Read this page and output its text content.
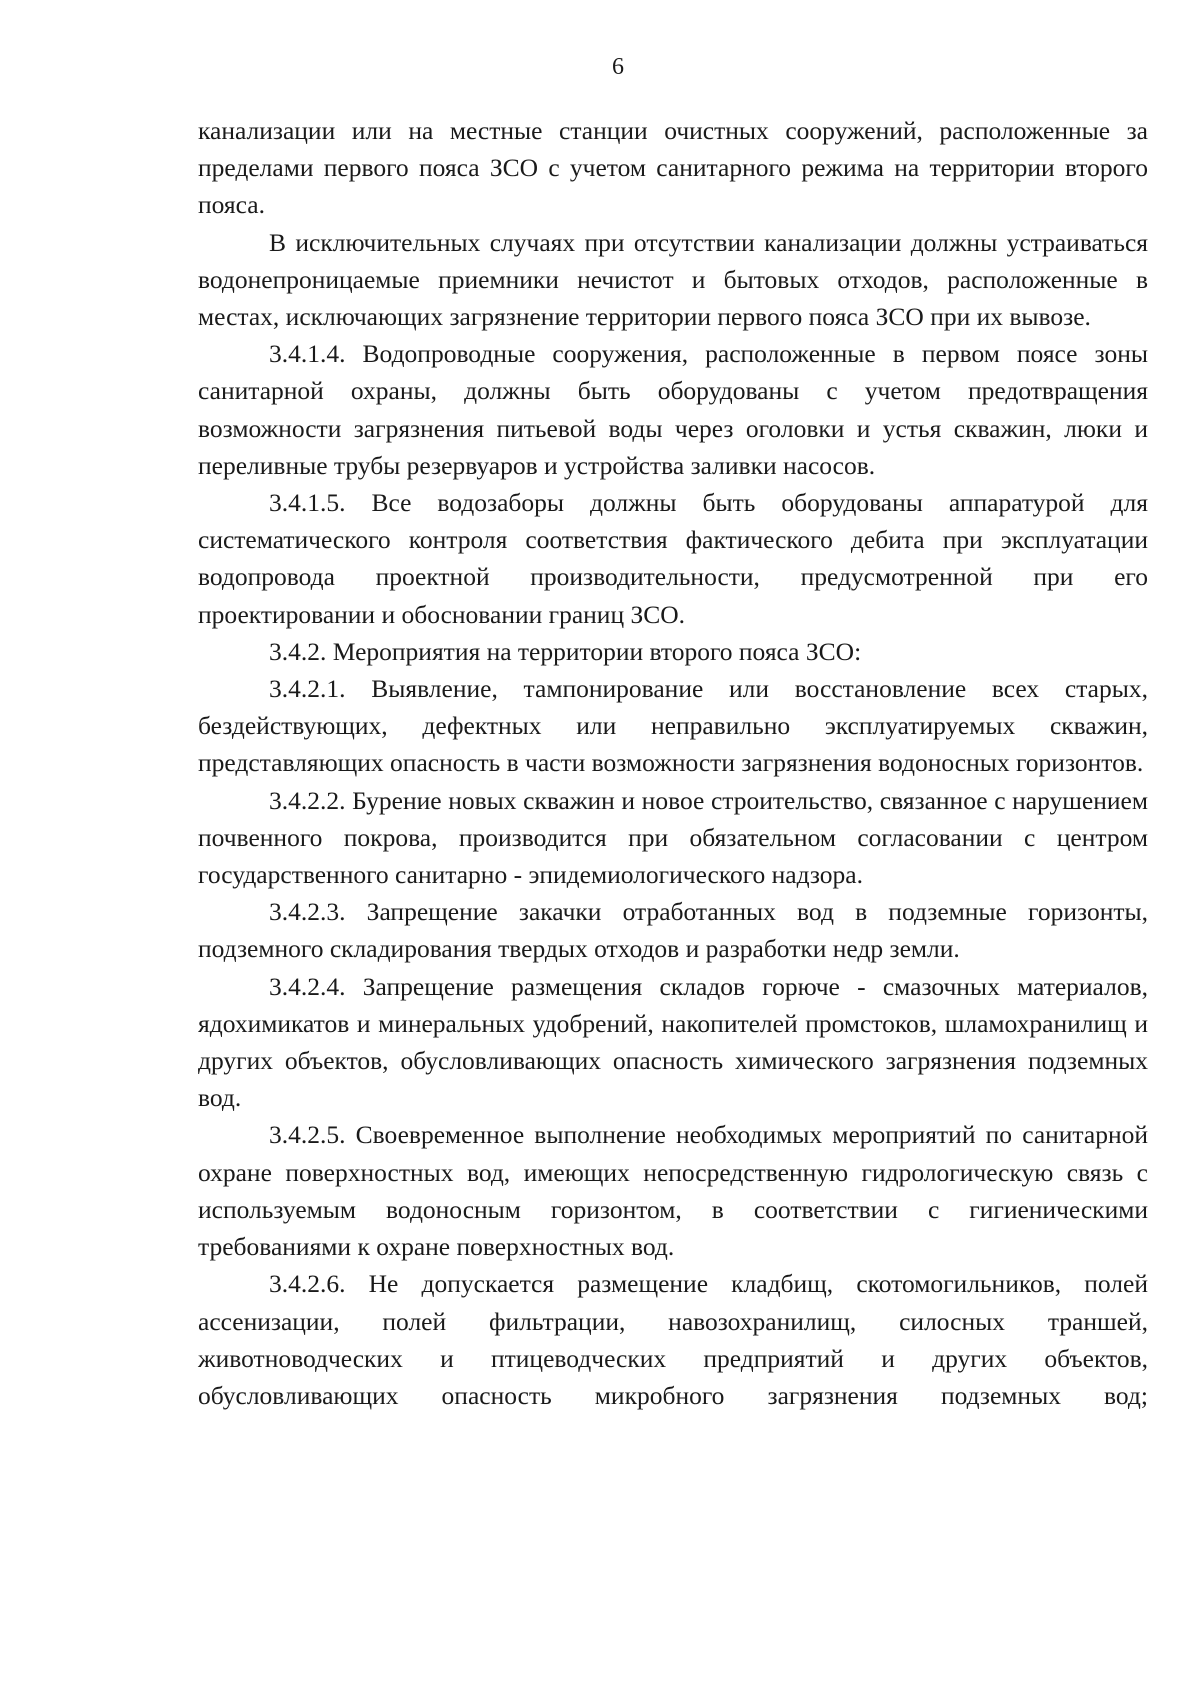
6

канализации или на местные станции очистных сооружений, расположенные за пределами первого пояса ЗСО с учетом санитарного режима на территории второго пояса.

В исключительных случаях при отсутствии канализации должны устраиваться водонепроницаемые приемники нечистот и бытовых отходов, расположенные в местах, исключающих загрязнение территории первого пояса ЗСО при их вывозе.

3.4.1.4. Водопроводные сооружения, расположенные в первом поясе зоны санитарной охраны, должны быть оборудованы с учетом предотвращения возможности загрязнения питьевой воды через оголовки и устья скважин, люки и переливные трубы резервуаров и устройства заливки насосов.

3.4.1.5. Все водозаборы должны быть оборудованы аппаратурой для систематического контроля соответствия фактического дебита при эксплуатации водопровода проектной производительности, предусмотренной при его проектировании и обосновании границ ЗСО.

3.4.2. Мероприятия на территории второго пояса ЗСО:

3.4.2.1. Выявление, тампонирование или восстановление всех старых, бездействующих, дефектных или неправильно эксплуатируемых скважин, представляющих опасность в части возможности загрязнения водоносных горизонтов.

3.4.2.2. Бурение новых скважин и новое строительство, связанное с нарушением почвенного покрова, производится при обязательном согласовании с центром государственного санитарно - эпидемиологического надзора.

3.4.2.3. Запрещение закачки отработанных вод в подземные горизонты, подземного складирования твердых отходов и разработки недр земли.

3.4.2.4. Запрещение размещения складов горюче - смазочных материалов, ядохимикатов и минеральных удобрений, накопителей промстоков, шламохранилищ и других объектов, обусловливающих опасность химического загрязнения подземных вод.

3.4.2.5. Своевременное выполнение необходимых мероприятий по санитарной охране поверхностных вод, имеющих непосредственную гидрологическую связь с используемым водоносным горизонтом, в соответствии с гигиеническими требованиями к охране поверхностных вод.

3.4.2.6. Не допускается размещение кладбищ, скотомогильников, полей ассенизации, полей фильтрации, навозохранилищ, силосных траншей, животноводческих и птицеводческих предприятий и других объектов, обусловливающих опасность микробного загрязнения подземных вод;
